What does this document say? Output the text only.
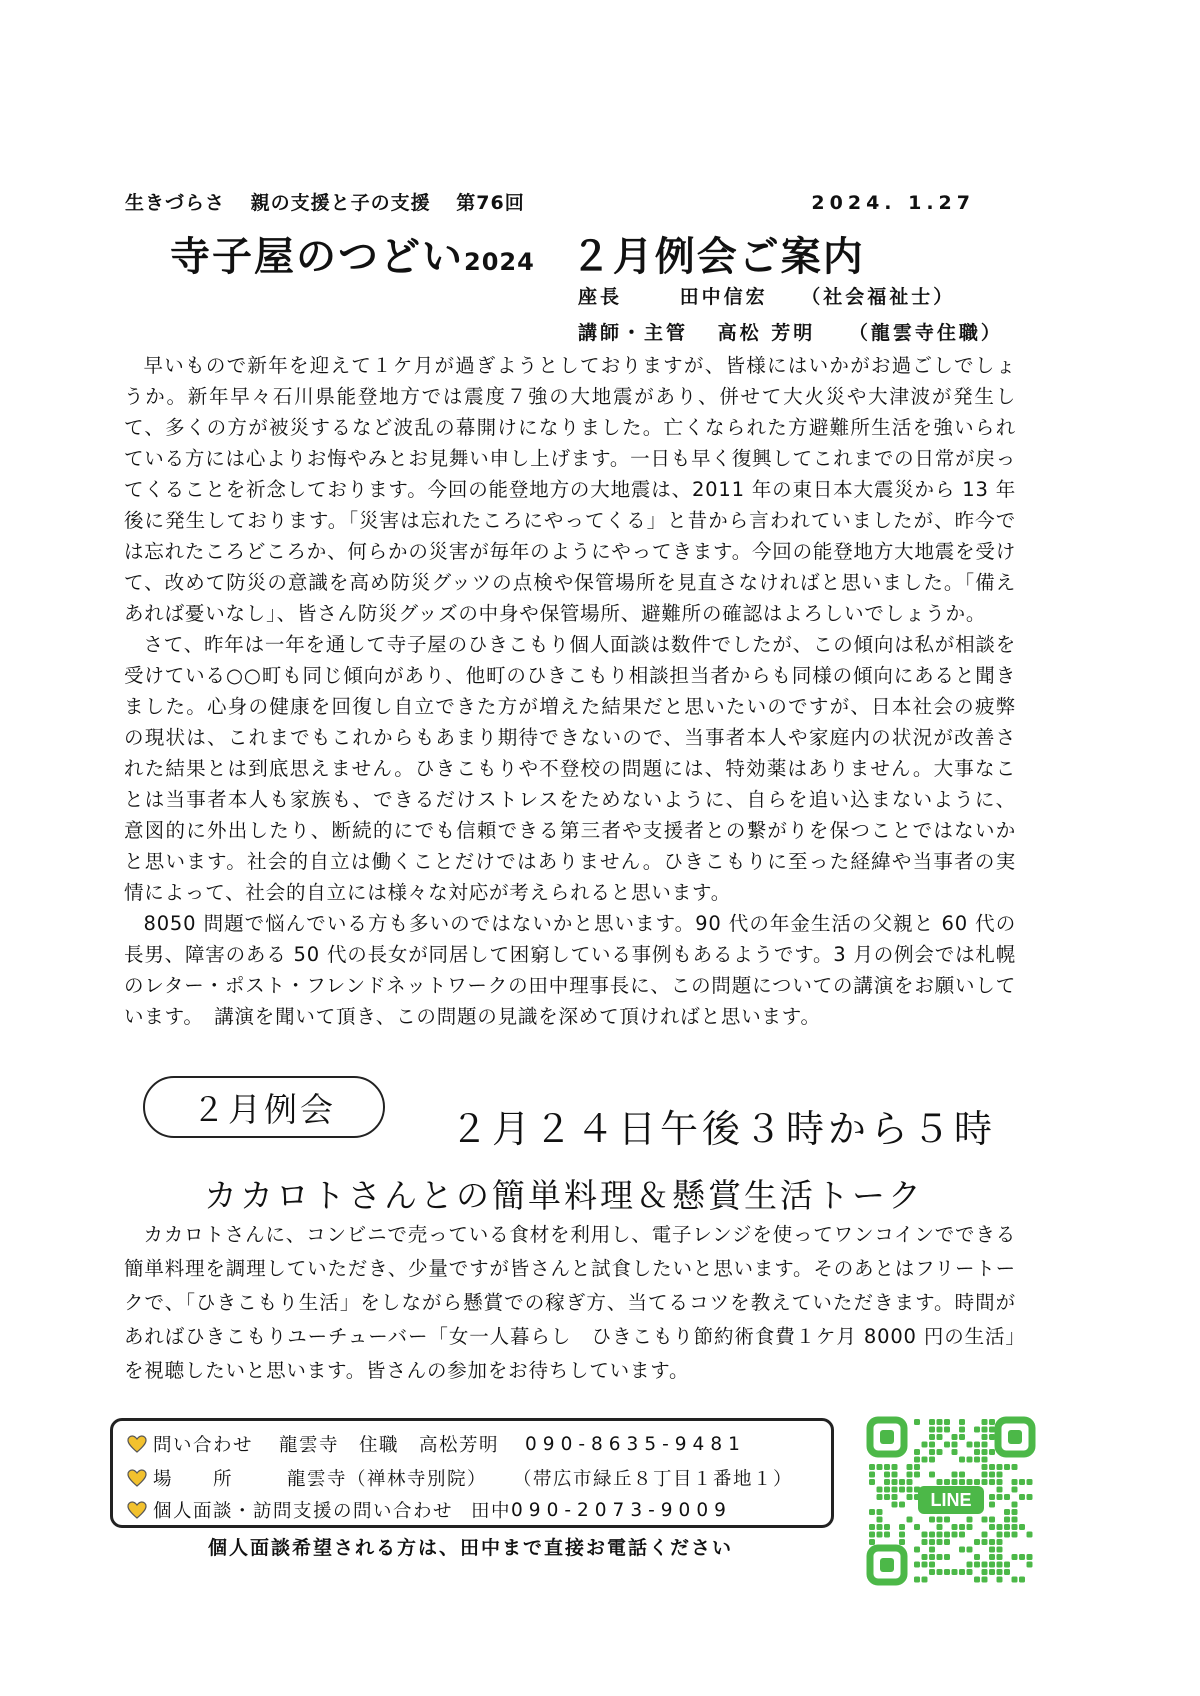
生きづらさ 親の支援と子の支援 第76回	2024. 1.27
寺子屋のつどい2024 ２月例会ご案内
座長	田中信宏 （社会福祉士）
講師・主管 高松 芳明 （龍雲寺住職）

早いもので新年を迎えて１ケ月が過ぎようとしておりますが、皆様にはいかがお過ごしでしょうか。新年早々石川県能登地方では震度７強の大地震があり、併せて大火災や大津波が発生して、多くの方が被災するなど波乱の幕開けになりました。亡くなられた方避難所生活を強いられている方には心よりお悔やみとお見舞い申し上げます。一日も早く復興してこれまでの日常が戻ってくることを祈念しております。今回の能登地方の大地震は、2011 年の東日本大震災から 13 年後に発生しております。「災害は忘れたころにやってくる」と昔から言われていましたが、昨今では忘れたころどころか、何らかの災害が毎年のようにやってきます。今回の能登地方大地震を受けて、改めて防災の意識を高め防災グッツの点検や保管場所を見直さなければと思いました。「備えあれば憂いなし」、皆さん防災グッズの中身や保管場所、避難所の確認はよろしいでしょうか。

さて、昨年は一年を通して寺子屋のひきこもり個人面談は数件でしたが、この傾向は私が相談を受けている○○町も同じ傾向があり、他町のひきこもり相談担当者からも同様の傾向にあると聞きました。心身の健康を回復し自立できた方が増えた結果だと思いたいのですが、日本社会の疲弊の現状は、これまでもこれからもあまり期待できないので、当事者本人や家庭内の状況が改善された結果とは到底思えません。ひきこもりや不登校の問題には、特効薬はありません。大事なことは当事者本人も家族も、できるだけストレスをためないように、自らを追い込まないように、意図的に外出したり、断続的にでも信頼できる第三者や支援者との繋がりを保つことではないかと思います。社会的自立は働くことだけではありません。ひきこもりに至った経緯や当事者の実情によって、社会的自立には様々な対応が考えられると思います。

8050 問題で悩んでいる方も多いのではないかと思います。90 代の年金生活の父親と 60 代の長男、障害のある 50 代の長女が同居して困窮している事例もあるようです。3 月の例会では札幌のレター・ポスト・フレンドネットワークの田中理事長に、この問題についての講演をお願いしています。　講演を聞いて頂き、この問題の見識を深めて頂ければと思います。

２月例会	２月２４日午後３時から５時
カカロトさんとの簡単料理＆懸賞生活トーク

カカロトさんに、コンビニで売っている食材を利用し、電子レンジを使ってワンコインでできる簡単料理を調理していただき、少量ですが皆さんと試食したいと思います。そのあとはフリートークで、「ひきこもり生活」をしながら懸賞での稼ぎ方、当てるコツを教えていただきます。時間があればひきこもりユーチューバー「女一人暮らし　ひきこもり節約術食費１ケ月 8000 円の生活」を視聴したいと思います。皆さんの参加をお待ちしています。

問い合わせ 龍雲寺　住職　高松芳明 090-8635-9481
場　　所	龍雲寺（禅林寺別院） （帯広市緑丘８丁目１番地１）
個人面談・訪問支援の問い合わせ 田中 090-2073-9009
個人面談希望される方は、田中まで直接お電話ください
LINE
